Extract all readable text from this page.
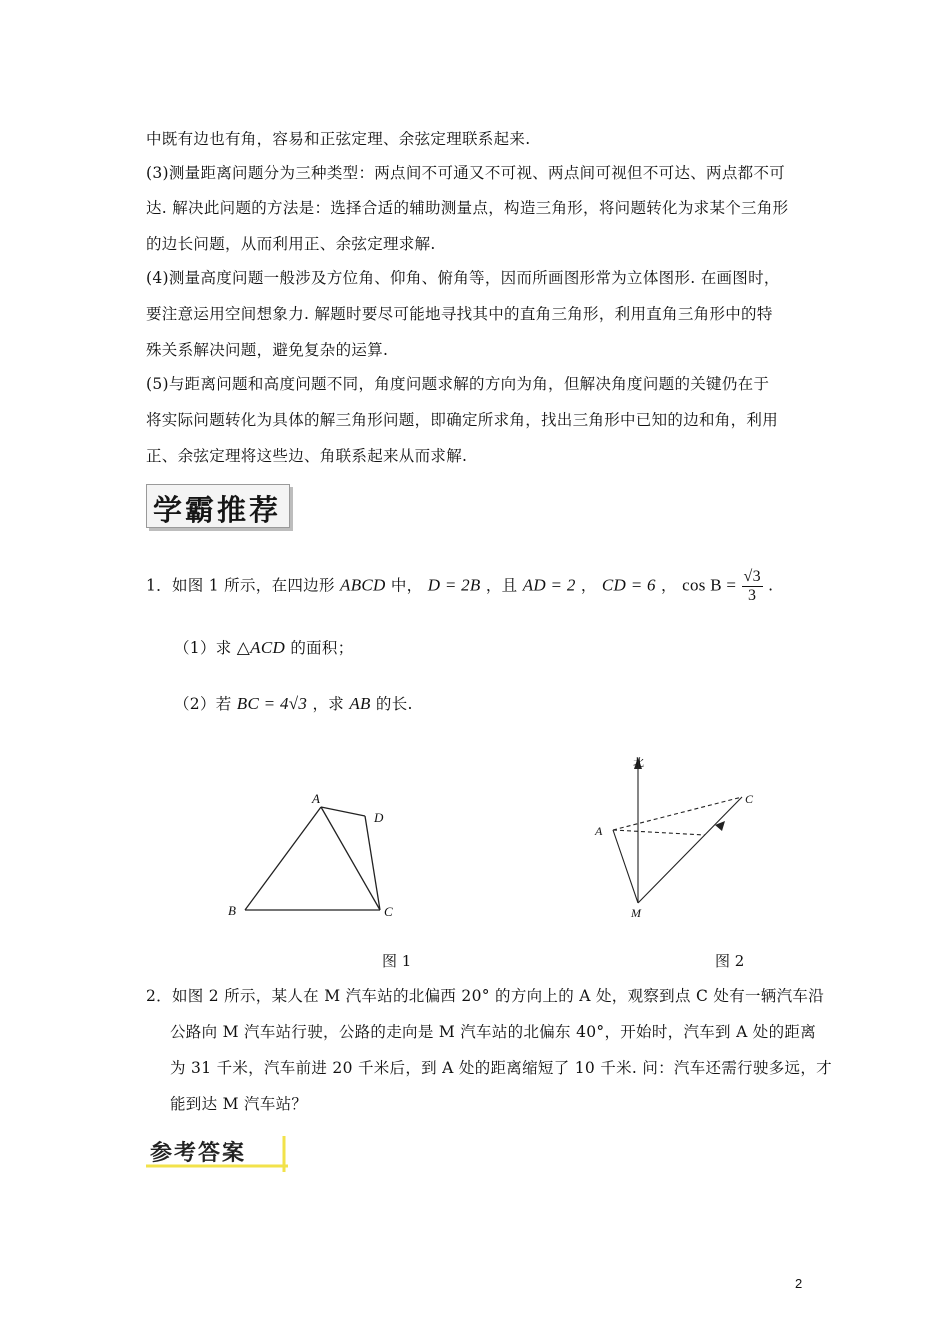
中既有边也有角，容易和正弦定理、余弦定理联系起来.
(3)测量距离问题分为三种类型：两点间不可通又不可视、两点间可视但不可达、两点都不可
达. 解决此问题的方法是：选择合适的辅助测量点，构造三角形，将问题转化为求某个三角形
的边长问题，从而利用正、余弦定理求解.
(4)测量高度问题一般涉及方位角、仰角、俯角等，因而所画图形常为立体图形. 在画图时，
要注意运用空间想象力. 解题时要尽可能地寻找其中的直角三角形，利用直角三角形中的特
殊关系解决问题，避免复杂的运算.
(5)与距离问题和高度问题不同，角度问题求解的方向为角，但解决角度问题的关键仍在于
将实际问题转化为具体的解三角形问题，即确定所求角，找出三角形中已知的边和角，利用
正、余弦定理将这些边、角联系起来从而求解.
学霸推荐
1．如图 1 所示，在四边形 ABCD 中， D = 2B ，且 AD = 2 ， CD = 6 ， $\cos B = \frac{√3}{3}$ .
（1）求 △ACD 的面积；
（2）若 BC = 4√3 ，求 AB 的长.
A
B	C
D
北
A
C
M
图 1	图 2
2．如图 2 所示，某人在 M 汽车站的北偏西 20° 的方向上的 A 处，观察到点 C 处有一辆汽车沿
公路向 M 汽车站行驶，公路的走向是 M 汽车站的北偏东 40°，开始时，汽车到 A 处的距离
为 31 千米，汽车前进 20 千米后，到 A 处的距离缩短了 10 千米. 问：汽车还需行驶多远，才
能到达 M 汽车站？
参考答案
2
